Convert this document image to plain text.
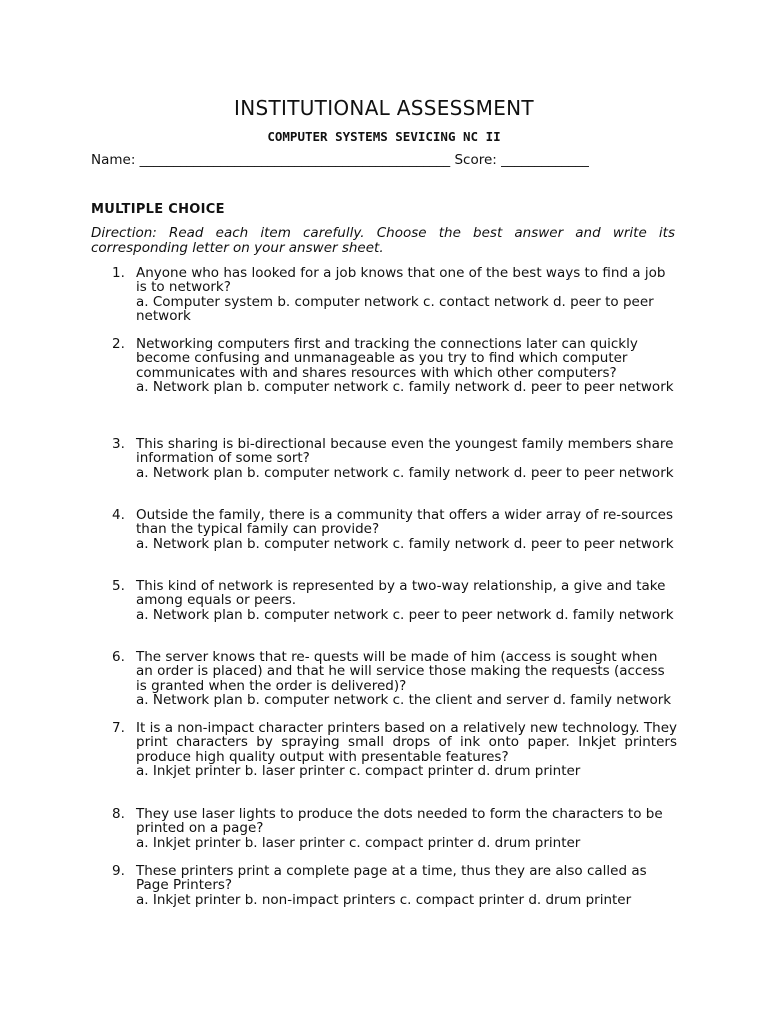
INSTITUTIONAL ASSESSMENT
COMPUTER SYSTEMS SEVICING NC II
Name: ______________________________________________ Score: _____________
MULTIPLE CHOICE
Direction: Read each item carefully. Choose the best answer and write its corresponding letter on your answer sheet.
1. Anyone who has looked for a job knows that one of the best ways to find a job is to network?
a. Computer system b. computer network c. contact network d. peer to peer network
2. Networking computers first and tracking the connections later can quickly become confusing and unmanageable as you try to find which computer communicates with and shares resources with which other computers?
a. Network plan b. computer network c. family network d. peer to peer network
3. This sharing is bi-directional because even the youngest family members share information of some sort?
a. Network plan b. computer network c. family network d. peer to peer network
4. Outside the family, there is a community that offers a wider array of re-sources than the typical family can provide?
a. Network plan b. computer network c. family network d. peer to peer network
5. This kind of network is represented by a two-way relationship, a give and take among equals or peers.
a. Network plan b. computer network c. peer to peer network d. family network
6. The server knows that re- quests will be made of him (access is sought when an order is placed) and that he will service those making the requests (access is granted when the order is delivered)?
a. Network plan b. computer network c. the client and server d. family network
7. It is a non-impact character printers based on a relatively new technology. They print characters by spraying small drops of ink onto paper. Inkjet printers produce high quality output with presentable features?
a. Inkjet printer b. laser printer c. compact printer d. drum printer
8. They use laser lights to produce the dots needed to form the characters to be printed on a page?
a. Inkjet printer b. laser printer c. compact printer d. drum printer
9. These printers print a complete page at a time, thus they are also called as Page Printers?
a. Inkjet printer b. non-impact printers c. compact printer d. drum printer
